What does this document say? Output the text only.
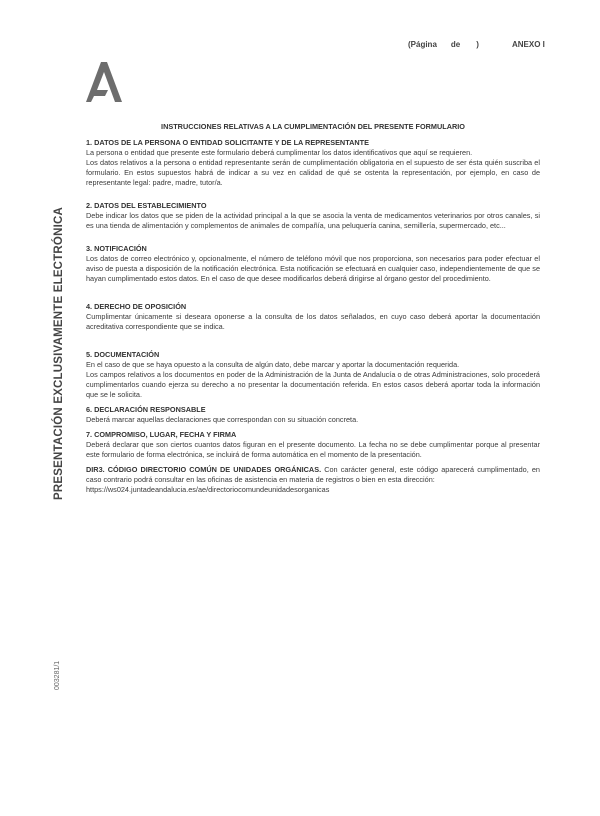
(Página de )	ANEXO I
PRESENTACIÓN EXCLUSIVAMENTE ELECTRÓNICA
003281/1
INSTRUCCIONES RELATIVAS A LA CUMPLIMENTACIÓN DEL PRESENTE FORMULARIO
1. DATOS DE LA PERSONA O ENTIDAD SOLICITANTE Y DE LA REPRESENTANTE

La persona o entidad que presente este formulario deberá cumplimentar los datos identificativos que aquí se requieren.

Los datos relativos a la persona o entidad representante serán de cumplimentación obligatoria en el supuesto de ser ésta quién suscriba el formulario. En estos supuestos habrá de indicar a su vez en calidad de qué se ostenta la representación, por ejemplo, en caso de representante legal: padre, madre, tutor/a.

2. DATOS DEL ESTABLECIMIENTO

Debe indicar los datos que se piden de la actividad principal a la que se asocia la venta de medicamentos veterinarios por otros canales, si es una tienda de alimentación y complementos de animales de compañía, una peluquería canina, semillería, supermercado, etc...

3. NOTIFICACIÓN

Los datos de correo electrónico y, opcionalmente, el número de teléfono móvil que nos proporciona, son necesarios para poder efectuar el aviso de puesta a disposición de la notificación electrónica. Esta notificación se efectuará en cualquier caso, independientemente de que se hayan cumplimentado estos datos. En el caso de que desee modificarlos deberá dirigirse al órgano gestor del procedimiento.

4. DERECHO DE OPOSICIÓN

Cumplimentar únicamente si deseara oponerse a la consulta de los datos señalados, en cuyo caso deberá aportar la documentación acreditativa correspondiente que se indica.

5. DOCUMENTACIÓN

En el caso de que se haya opuesto a la consulta de algún dato, debe marcar y aportar la documentación requerida.

Los campos relativos a los documentos en poder de la Administración de la Junta de Andalucía o de otras Administraciones, solo procederá cumplimentarlos cuando ejerza su derecho a no presentar la documentación referida. En estos casos deberá aportar toda la información que se le solicita.

6. DECLARACIÓN RESPONSABLE

Deberá marcar aquellas declaraciones que correspondan con su situación concreta.

7. COMPROMISO, LUGAR, FECHA Y FIRMA

Deberá declarar que son ciertos cuantos datos figuran en el presente documento. La fecha no se debe cumplimentar porque al presentar este formulario de forma electrónica, se incluirá de forma automática en el momento de la presentación.

DIR3. CÓDIGO DIRECTORIO COMÚN DE UNIDADES ORGÁNICAS. Con carácter general, este código aparecerá cumplimentado, en caso contrario podrá consultar en las oficinas de asistencia en materia de registros o bien en esta dirección:

https://ws024.juntadeandalucia.es/ae/directoriocomundeunidadesorganicas
